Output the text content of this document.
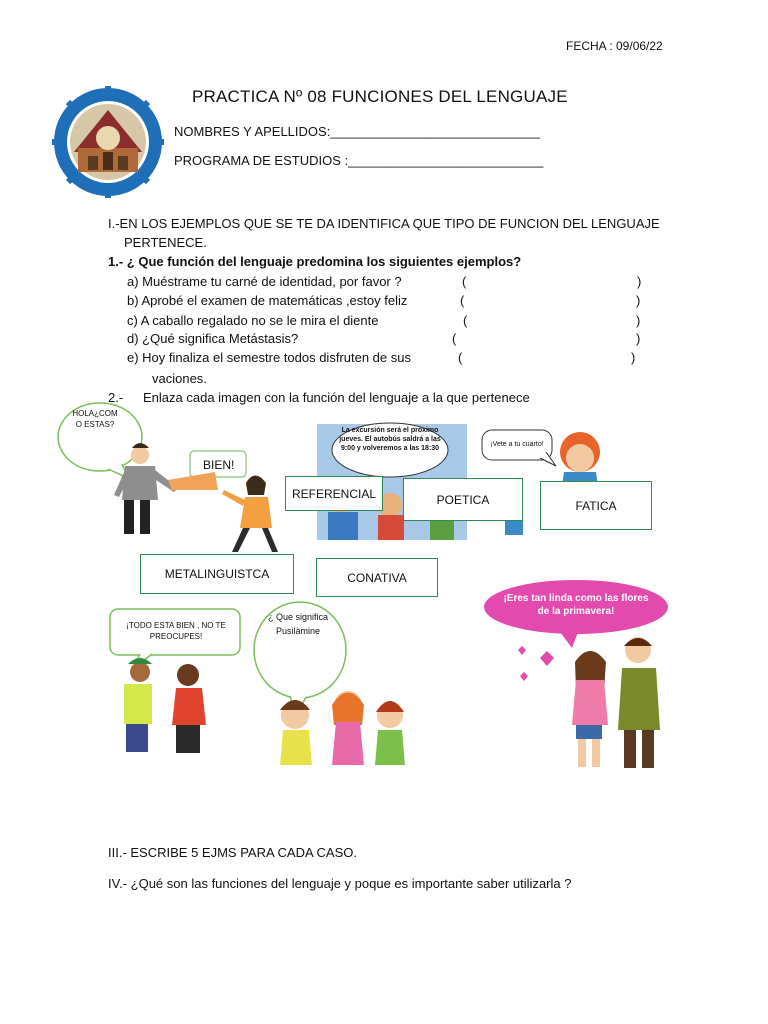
FECHA : 09/06/22
PRACTICA Nº 08 FUNCIONES DEL LENGUAJE
NOMBRES Y APELLIDOS:_____________________________
PROGRAMA DE ESTUDIOS :___________________________
I.-EN LOS EJEMPLOS QUE SE TE DA IDENTIFICA QUE TIPO DE FUNCION DEL LENGUAJE
PERTENECE.
1.- ¿ Que función del lenguaje predomina los siguientes ejemplos?
a) Muéstrame tu carné de identidad, por favor ?	(	)
b) Aprobé el examen de matemáticas ,estoy feliz	(	)
c) A caballo regalado no se le mira el diente	(	)
d) ¿Qué significa Metástasis?	(	)
e) Hoy finaliza el semestre todos disfruten de sus	(	)
vaciones.
2.- Enlaza cada imagen con la función del lenguaje a la que pertenece
HOLA¿COM O ESTAS?
BIEN!
¡TODO ESTA BIEN , NO TE PREOCUPES!
¿ Que significa Pusilàmine
La excursión será el próximo jueves. El autobús saldrá a las 9:00 y volveremos a las 18:30
¡Vete a tu cuarto!
¡Eres tan linda como las flores de la primavera!
REFERENCIAL	POETICA	FATICA
METALINGUISTCA	CONATIVA
III.- ESCRIBE 5 EJMS PARA CADA CASO.
IV.- ¿Qué son las funciones del lenguaje y poque es importante saber utilizarla ?
